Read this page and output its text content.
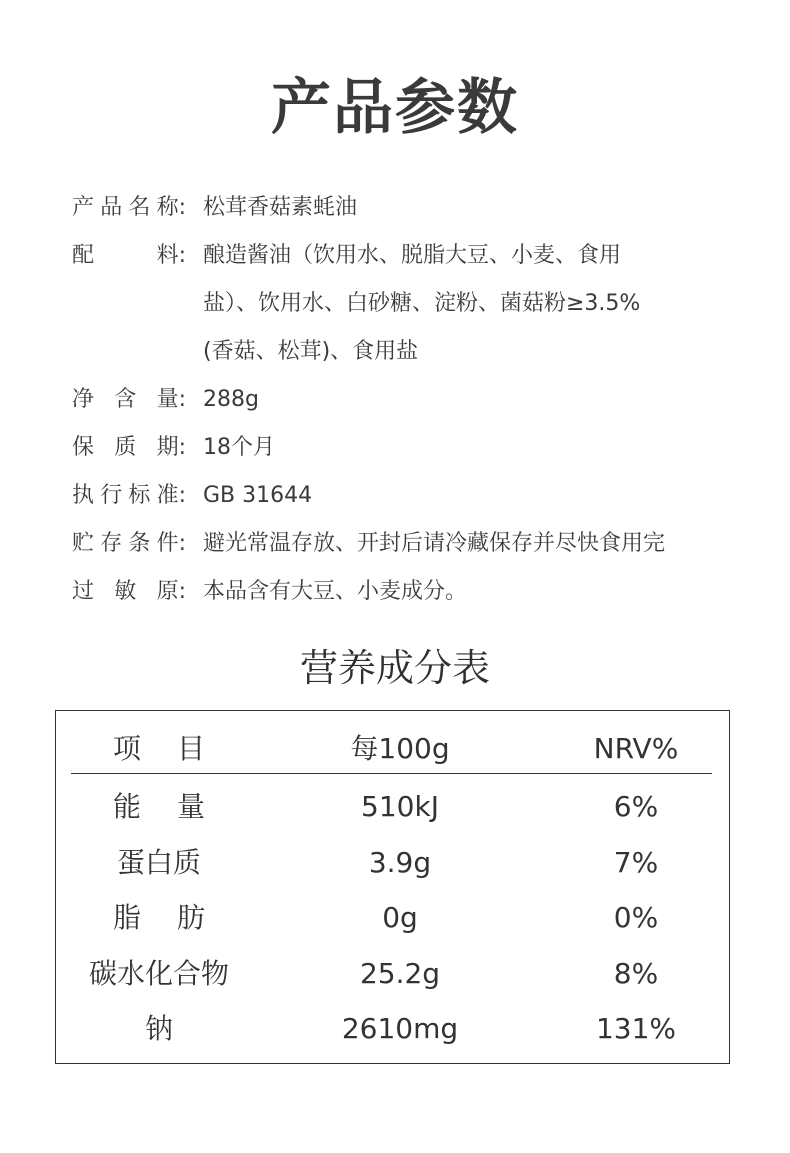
产品参数
产品名称 : 松茸香菇素蚝油
配料 : 酿造酱油（饮用水、脱脂大豆、小麦、食用
盐）、饮用水、白砂糖、淀粉、菌菇粉≥3.5%
(香菇、松茸)、食用盐
净含量 : 288g
保质期 : 18个月
执行标准 : GB 31644
贮存条件 : 避光常温存放、开封后请冷藏保存并尽快食用完
过敏原 : 本品含有大豆、小麦成分。
营养成分表
项目	每100g	NRV%
能量	510kJ	6%
蛋白质	3.9g	7%
脂肪	0g	0%
碳水化合物	25.2g	8%
钠	2610mg	131%
